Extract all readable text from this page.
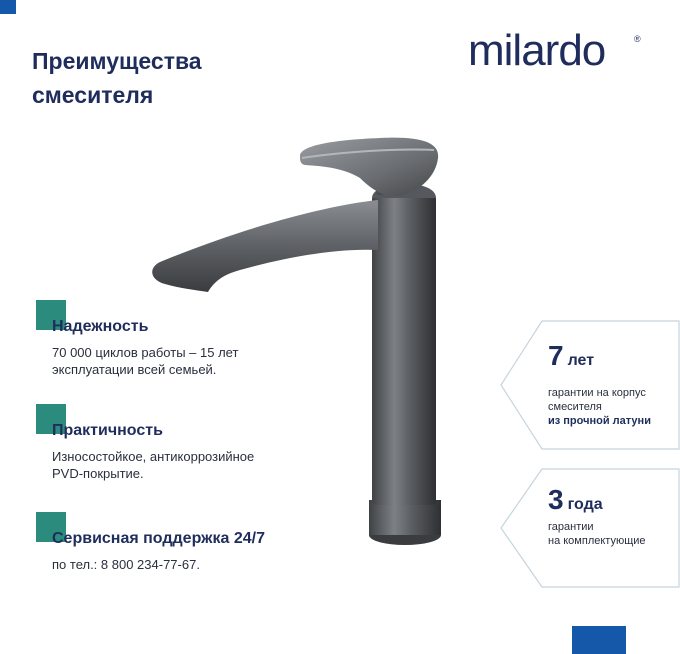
Преимущества
смесителя
milardo	®
Надежность
70 000 циклов работы – 15 лет
эксплуатации всей семьей.
Практичность
Износостойкое, антикоррозийное
PVD-покрытие.
Сервисная поддержка 24/7
по тел.: 8 800 234-77-67.
7 лет
гарантии на корпус
смесителя
из прочной латуни
3 года
гарантии
на комплектующие
